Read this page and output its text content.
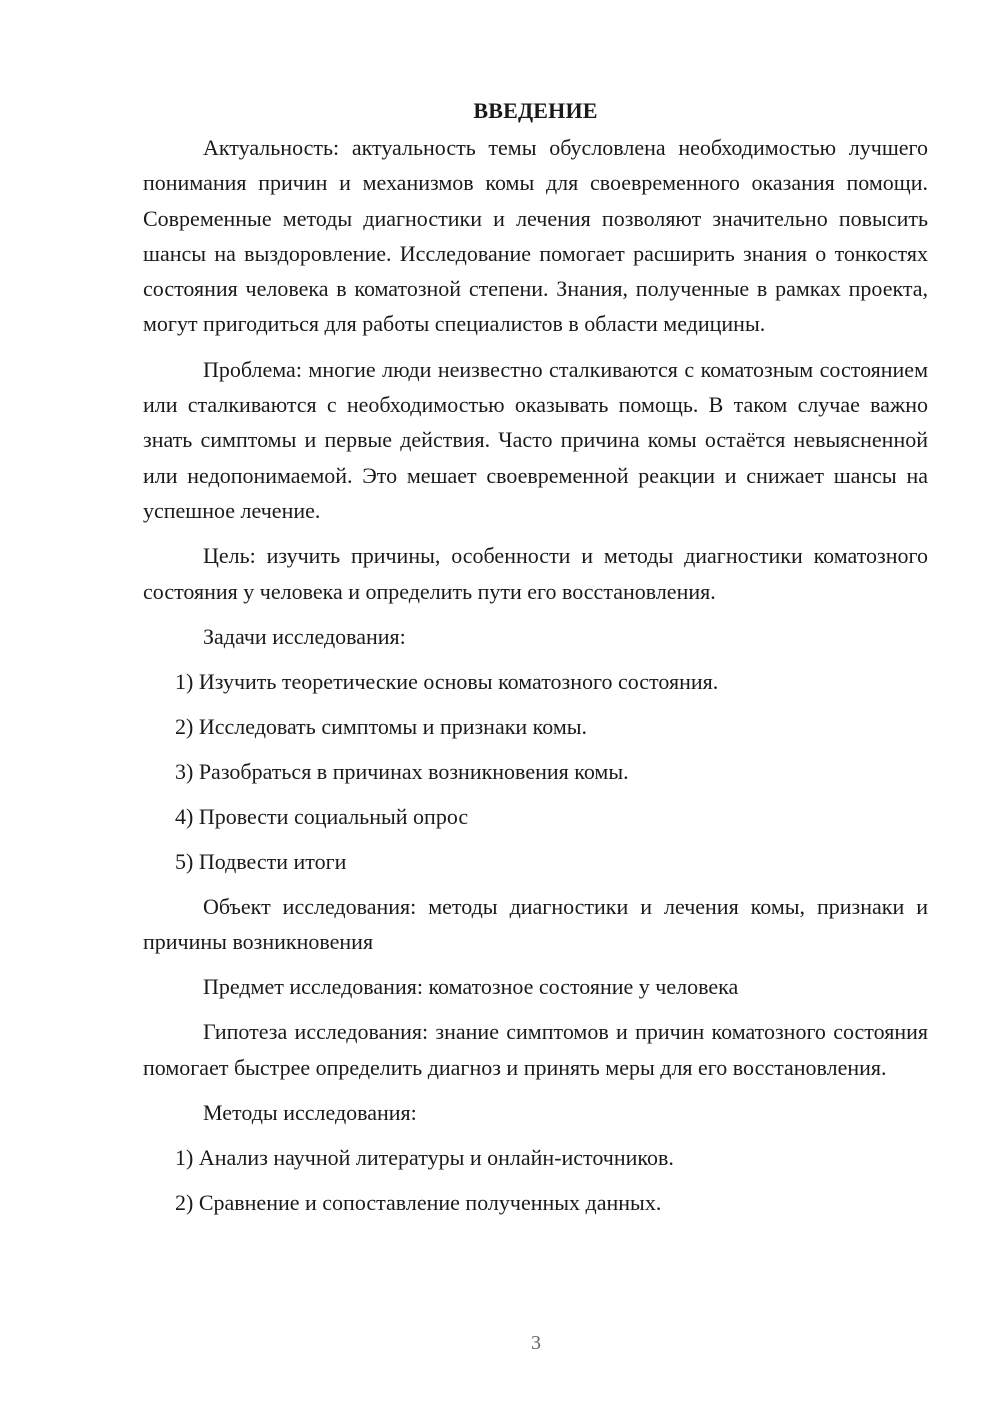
ВВЕДЕНИЕ

Актуальность: актуальность темы обусловлена необходимостью лучшего понимания причин и механизмов комы для своевременного оказания помощи. Современные методы диагностики и лечения позволяют значительно повысить шансы на выздоровление. Исследование помогает расширить знания о тонкостях состояния человека в коматозной степени. Знания, полученные в рамках проекта, могут пригодиться для работы специалистов в области медицины.

Проблема: многие люди неизвестно сталкиваются с коматозным состоянием или сталкиваются с необходимостью оказывать помощь. В таком случае важно знать симптомы и первые действия. Часто причина комы остаётся невыясненной или недопонимаемой. Это мешает своевременной реакции и снижает шансы на успешное лечение.

Цель: изучить причины, особенности и методы диагностики коматозного состояния у человека и определить пути его восстановления.

Задачи исследования:

1) Изучить теоретические основы коматозного состояния.

2) Исследовать симптомы и признаки комы.

3) Разобраться в причинах возникновения комы.

4) Провести социальный опрос

5) Подвести итоги

Объект исследования: методы диагностики и лечения комы, признаки и причины возникновения

Предмет исследования: коматозное состояние у человека

Гипотеза исследования: знание симптомов и причин коматозного состояния помогает быстрее определить диагноз и принять меры для его восстановления.

Методы исследования:

1) Анализ научной литературы и онлайн-источников.

2) Сравнение и сопоставление полученных данных.

3
